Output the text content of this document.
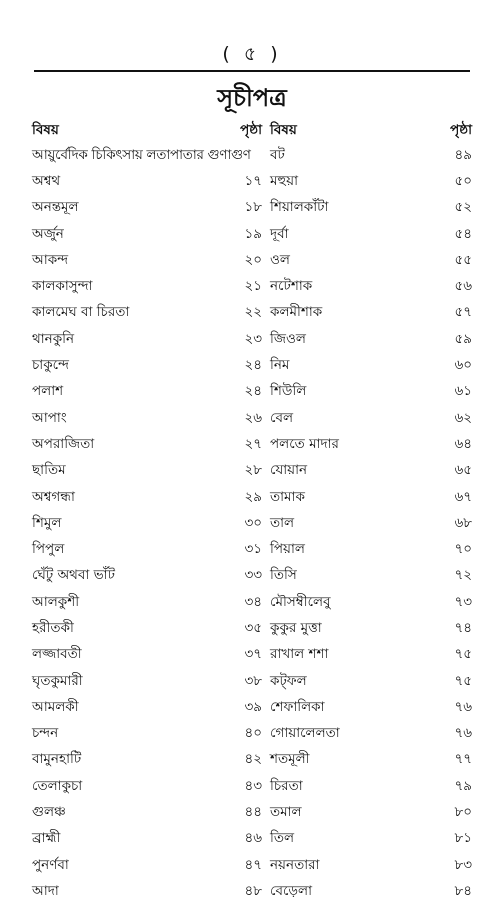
( ৫ )
সূচীপত্র
বিষয়	পৃষ্ঠা
আয়ুর্বেদিক চিকিৎসায় লতাপাতার গুণাগুণ
অশ্বথ	১৭
অনন্তমূল	১৮
অর্জুন	১৯
আকন্দ	২০
কালকাসুন্দা	২১
কালমেঘ বা চিরতা	২২
থানকুনি	২৩
চাকুন্দে	২৪
পলাশ	২৪
আপাং	২৬
অপরাজিতা	২৭
ছাতিম	২৮
অশ্বগন্ধা	২৯
শিমুল	৩০
পিপুল	৩১
ঘেঁটু অথবা ভাঁট	৩৩
আলকুশী	৩৪
হরীতকী	৩৫
লজ্জাবতী	৩৭
ঘৃতকুমারী	৩৮
আমলকী	৩৯
চন্দন	৪০
বামুনহাটি	৪২
তেলাকুচা	৪৩
গুলঞ্চ	৪৪
ব্রাহ্মী	৪৬
পুনর্ণবা	৪৭
আদা	৪৮
বিষয়	পৃষ্ঠা
বট	৪৯
মহুয়া	৫০
শিয়ালকাঁটা	৫২
দূর্বা	৫৪
ওল	৫৫
নটেশাক	৫৬
কলমীশাক	৫৭
জিওল	৫৯
নিম	৬০
শিউলি	৬১
বেল	৬২
পলতে মাদার	৬৪
যোয়ান	৬৫
তামাক	৬৭
তাল	৬৮
পিয়াল	৭০
তিসি	৭২
মৌসম্বীলেবু	৭৩
কুকুর মুত্তা	৭৪
রাখাল শশা	৭৫
কট্‌ফল	৭৫
শেফালিকা	৭৬
গোয়ালেলতা	৭৬
শতমূলী	৭৭
চিরতা	৭৯
তমাল	৮০
তিল	৮১
নয়নতারা	৮৩
বেড়েলা	৮৪
